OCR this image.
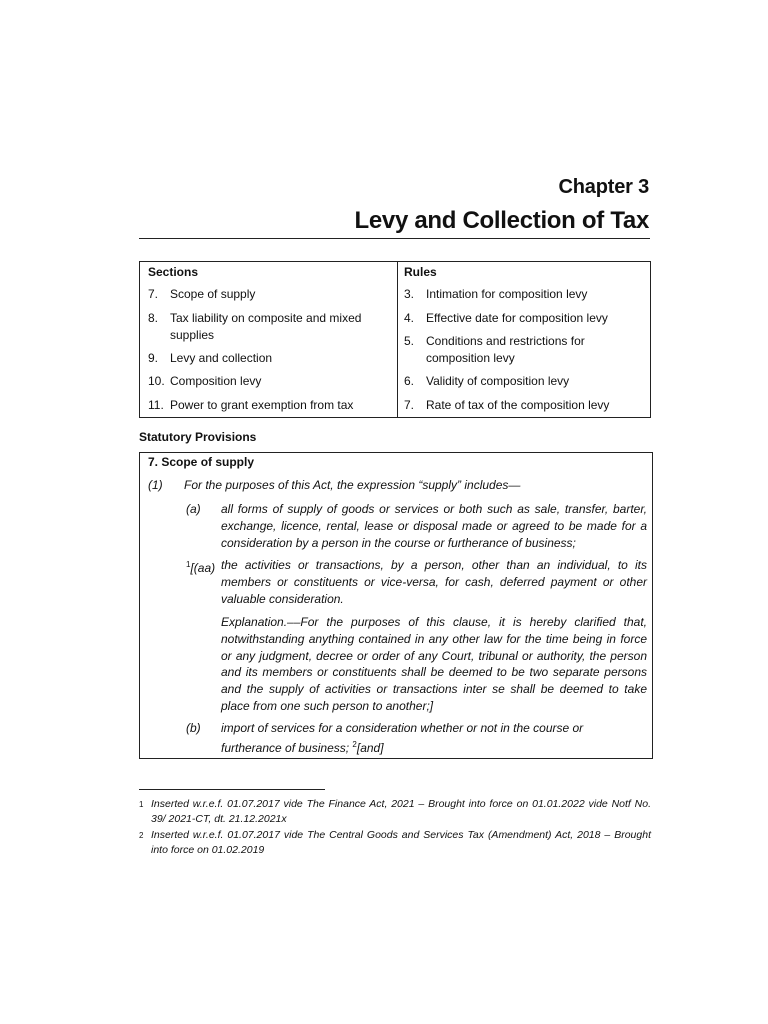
Chapter 3
Levy and Collection of Tax
Sections
7. Scope of supply
8. Tax liability on composite and mixed supplies
9. Levy and collection
10. Composition levy
11. Power to grant exemption from tax
Rules
3. Intimation for composition levy
4. Effective date for composition levy
5. Conditions and restrictions for composition levy
6. Validity of composition levy
7. Rate of tax of the composition levy
Statutory Provisions
7. Scope of supply
(1) For the purposes of this Act, the expression “supply” includes—
(a) all forms of supply of goods or services or both such as sale, transfer, barter, exchange, licence, rental, lease or disposal made or agreed to be made for a consideration by a person in the course or furtherance of business;
$^1$[(aa) the activities or transactions, by a person, other than an individual, to its members or constituents or vice-versa, for cash, deferred payment or other valuable consideration.
Explanation.––For the purposes of this clause, it is hereby clarified that, notwithstanding anything contained in any other law for the time being in force or any judgment, decree or order of any Court, tribunal or authority, the person and its members or constituents shall be deemed to be two separate persons and the supply of activities or transactions inter se shall be deemed to take place from one such person to another;]
(b) import of services for a consideration whether or not in the course or furtherance of business; $^2$[and]
1 Inserted w.r.e.f. 01.07.2017 vide The Finance Act, 2021 – Brought into force on 01.01.2022 vide Notf No. 39/ 2021-CT, dt. 21.12.2021x
2 Inserted w.r.e.f. 01.07.2017 vide The Central Goods and Services Tax (Amendment) Act, 2018 – Brought into force on 01.02.2019
